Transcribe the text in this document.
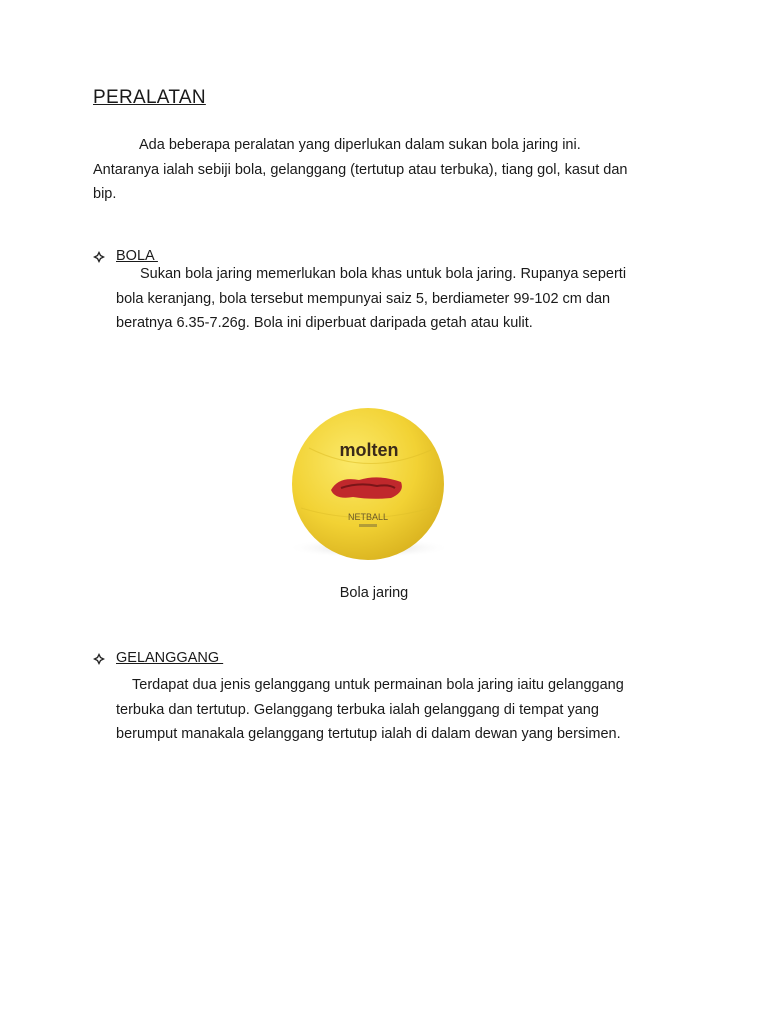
PERALATAN
Ada beberapa peralatan yang diperlukan dalam sukan bola jaring ini.
Antaranya ialah sebiji bola, gelanggang (tertutup atau terbuka), tiang gol, kasut dan
bip.
BOLA
Sukan bola jaring memerlukan bola khas untuk bola jaring. Rupanya seperti
bola keranjang, bola tersebut mempunyai saiz 5, berdiameter 99-102 cm dan
beratnya 6.35-7.26g. Bola ini diperbuat daripada getah atau kulit.
molten
NETBALL
Bola jaring
GELANGGANG
Terdapat dua jenis gelanggang untuk permainan bola jaring iaitu gelanggang
terbuka dan tertutup. Gelanggang terbuka ialah gelanggang di tempat yang
berumput manakala gelanggang tertutup ialah di dalam dewan yang bersimen.
